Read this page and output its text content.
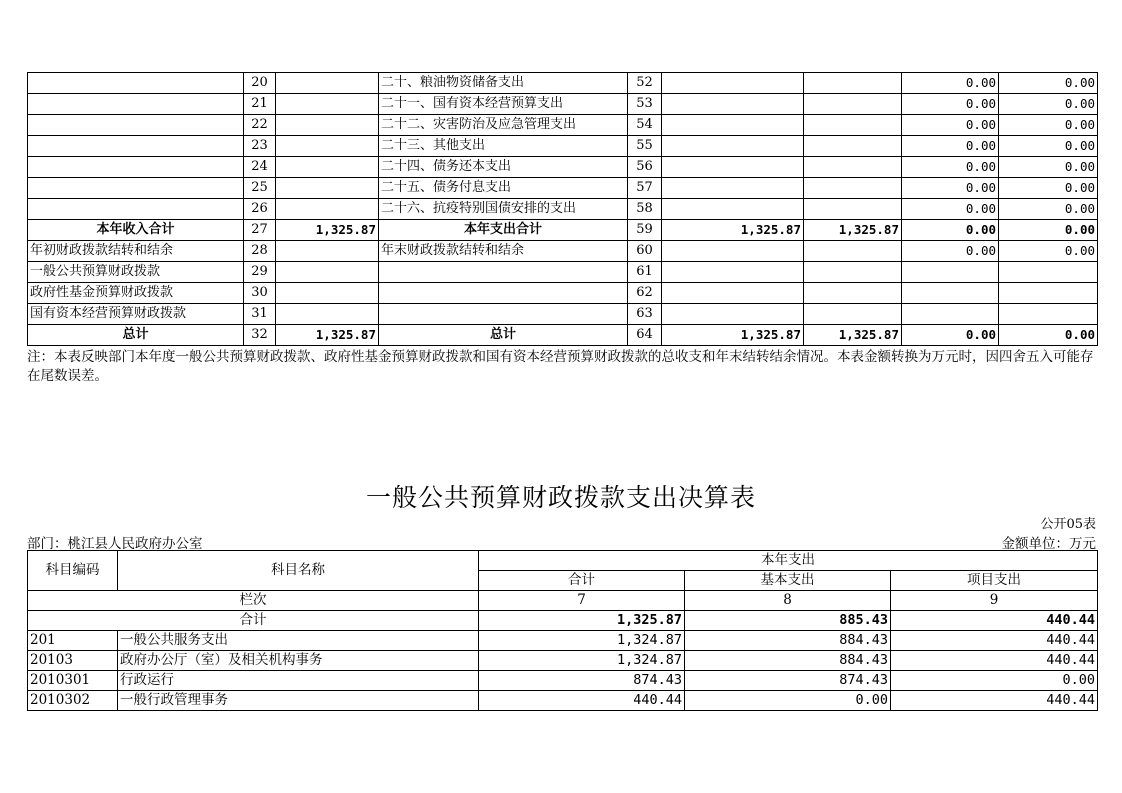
	20		二十、粮油物资储备支出	52			0.00	0.00
	21		二十一、国有资本经营预算支出	53			0.00	0.00
	22		二十二、灾害防治及应急管理支出	54			0.00	0.00
	23		二十三、其他支出	55			0.00	0.00
	24		二十四、债务还本支出	56			0.00	0.00
	25		二十五、债务付息支出	57			0.00	0.00
	26		二十六、抗疫特别国债安排的支出	58			0.00	0.00
本年收入合计	27	1,325.87	本年支出合计	59	1,325.87	1,325.87	0.00	0.00
年初财政拨款结转和结余	28		年末财政拨款结转和结余	60			0.00	0.00
一般公共预算财政拨款	29			61				
政府性基金预算财政拨款	30			62				
国有资本经营预算财政拨款	31			63				
总计	32	1,325.87	总计	64	1,325.87	1,325.87	0.00	0.00
注：本表反映部门本年度一般公共预算财政拨款、政府性基金预算财政拨款和国有资本经营预算财政拨款的总收支和年末结转结余情况。本表金额转换为万元时，因四舍五入可能存在尾数误差。
一般公共预算财政拨款支出决算表
公开05表
部门：桃江县人民政府办公室	金额单位：万元
科目编码	科目名称	本年支出		
		合计	基本支出	项目支出
栏次		7	8	9
合计		1,325.87	885.43	440.44
201	一般公共服务支出	1,324.87	884.43	440.44
20103	政府办公厅（室）及相关机构事务	1,324.87	884.43	440.44
2010301	行政运行	874.43	874.43	0.00
2010302	一般行政管理事务	440.44	0.00	440.44
